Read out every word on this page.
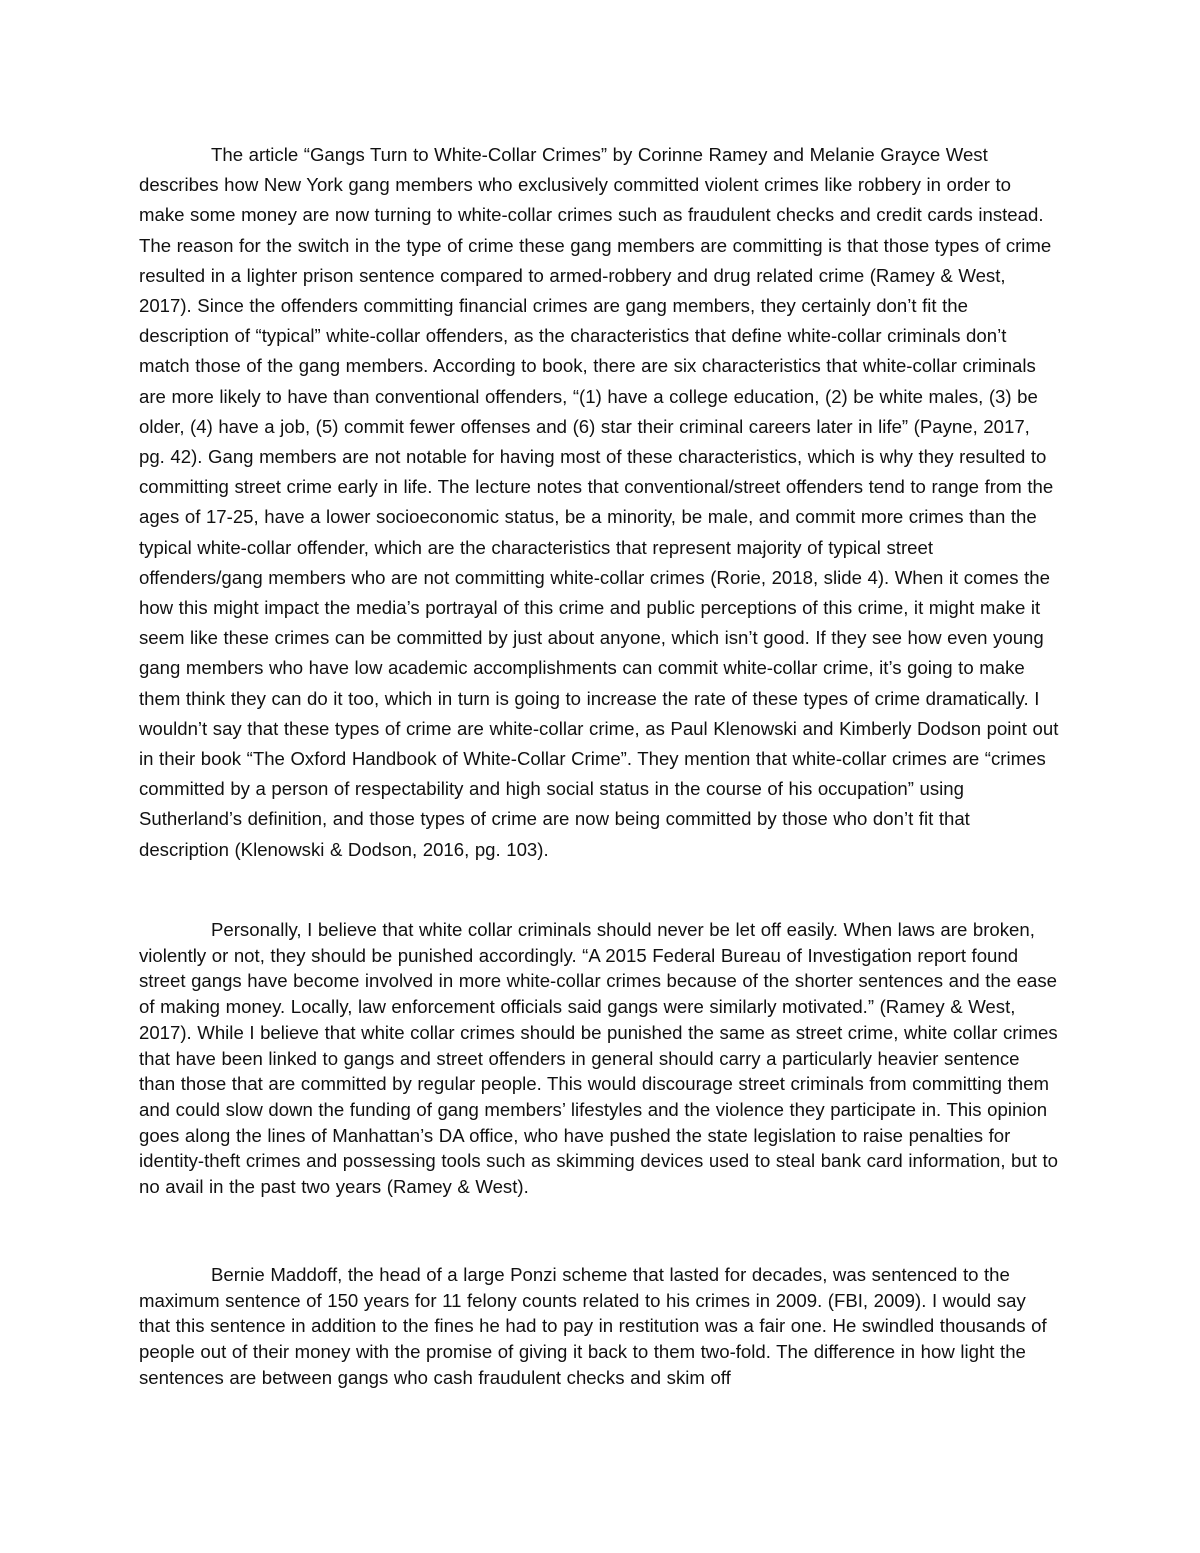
The article “Gangs Turn to White-Collar Crimes” by Corinne Ramey and Melanie Grayce West describes how New York gang members who exclusively committed violent crimes like robbery in order to make some money are now turning to white-collar crimes such as fraudulent checks and credit cards instead. The reason for the switch in the type of crime these gang members are committing is that those types of crime resulted in a lighter prison sentence compared to armed-robbery and drug related crime (Ramey & West, 2017). Since the offenders committing financial crimes are gang members, they certainly don’t fit the description of “typical” white-collar offenders, as the characteristics that define white-collar criminals don’t match those of the gang members. According to book, there are six characteristics that white-collar criminals are more likely to have than conventional offenders, “(1) have a college education, (2) be white males, (3) be older, (4) have a job, (5) commit fewer offenses and (6) star their criminal careers later in life” (Payne, 2017, pg. 42). Gang members are not notable for having most of these characteristics, which is why they resulted to committing street crime early in life. The lecture notes that conventional/street offenders tend to range from the ages of 17-25, have a lower socioeconomic status, be a minority, be male, and commit more crimes than the typical white-collar offender, which are the characteristics that represent majority of typical street offenders/gang members who are not committing white-collar crimes (Rorie, 2018, slide 4). When it comes the how this might impact the media’s portrayal of this crime and public perceptions of this crime, it might make it seem like these crimes can be committed by just about anyone, which isn’t good. If they see how even young gang members who have low academic accomplishments can commit white-collar crime, it’s going to make them think they can do it too, which in turn is going to increase the rate of these types of crime dramatically. I wouldn’t say that these types of crime are white-collar crime, as Paul Klenowski and Kimberly Dodson point out in their book “The Oxford Handbook of White-Collar Crime”. They mention that white-collar crimes are “crimes committed by a person of respectability and high social status in the course of his occupation” using Sutherland’s definition, and those types of crime are now being committed by those who don’t fit that description (Klenowski & Dodson, 2016, pg. 103).

Personally, I believe that white collar criminals should never be let off easily. When laws are broken, violently or not, they should be punished accordingly. “A 2015 Federal Bureau of Investigation report found street gangs have become involved in more white-collar crimes because of the shorter sentences and the ease of making money. Locally, law enforcement officials said gangs were similarly motivated.” (Ramey & West, 2017). While I believe that white collar crimes should be punished the same as street crime, white collar crimes that have been linked to gangs and street offenders in general should carry a particularly heavier sentence than those that are committed by regular people. This would discourage street criminals from committing them and could slow down the funding of gang members’ lifestyles and the violence they participate in. This opinion goes along the lines of Manhattan’s DA office, who have pushed the state legislation to raise penalties for identity-theft crimes and possessing tools such as skimming devices used to steal bank card information, but to no avail in the past two years (Ramey & West).

Bernie Maddoff, the head of a large Ponzi scheme that lasted for decades, was sentenced to the maximum sentence of 150 years for 11 felony counts related to his crimes in 2009. (FBI, 2009). I would say that this sentence in addition to the fines he had to pay in restitution was a fair one. He swindled thousands of people out of their money with the promise of giving it back to them two-fold. The difference in how light the sentences are between gangs who cash fraudulent checks and skim off
